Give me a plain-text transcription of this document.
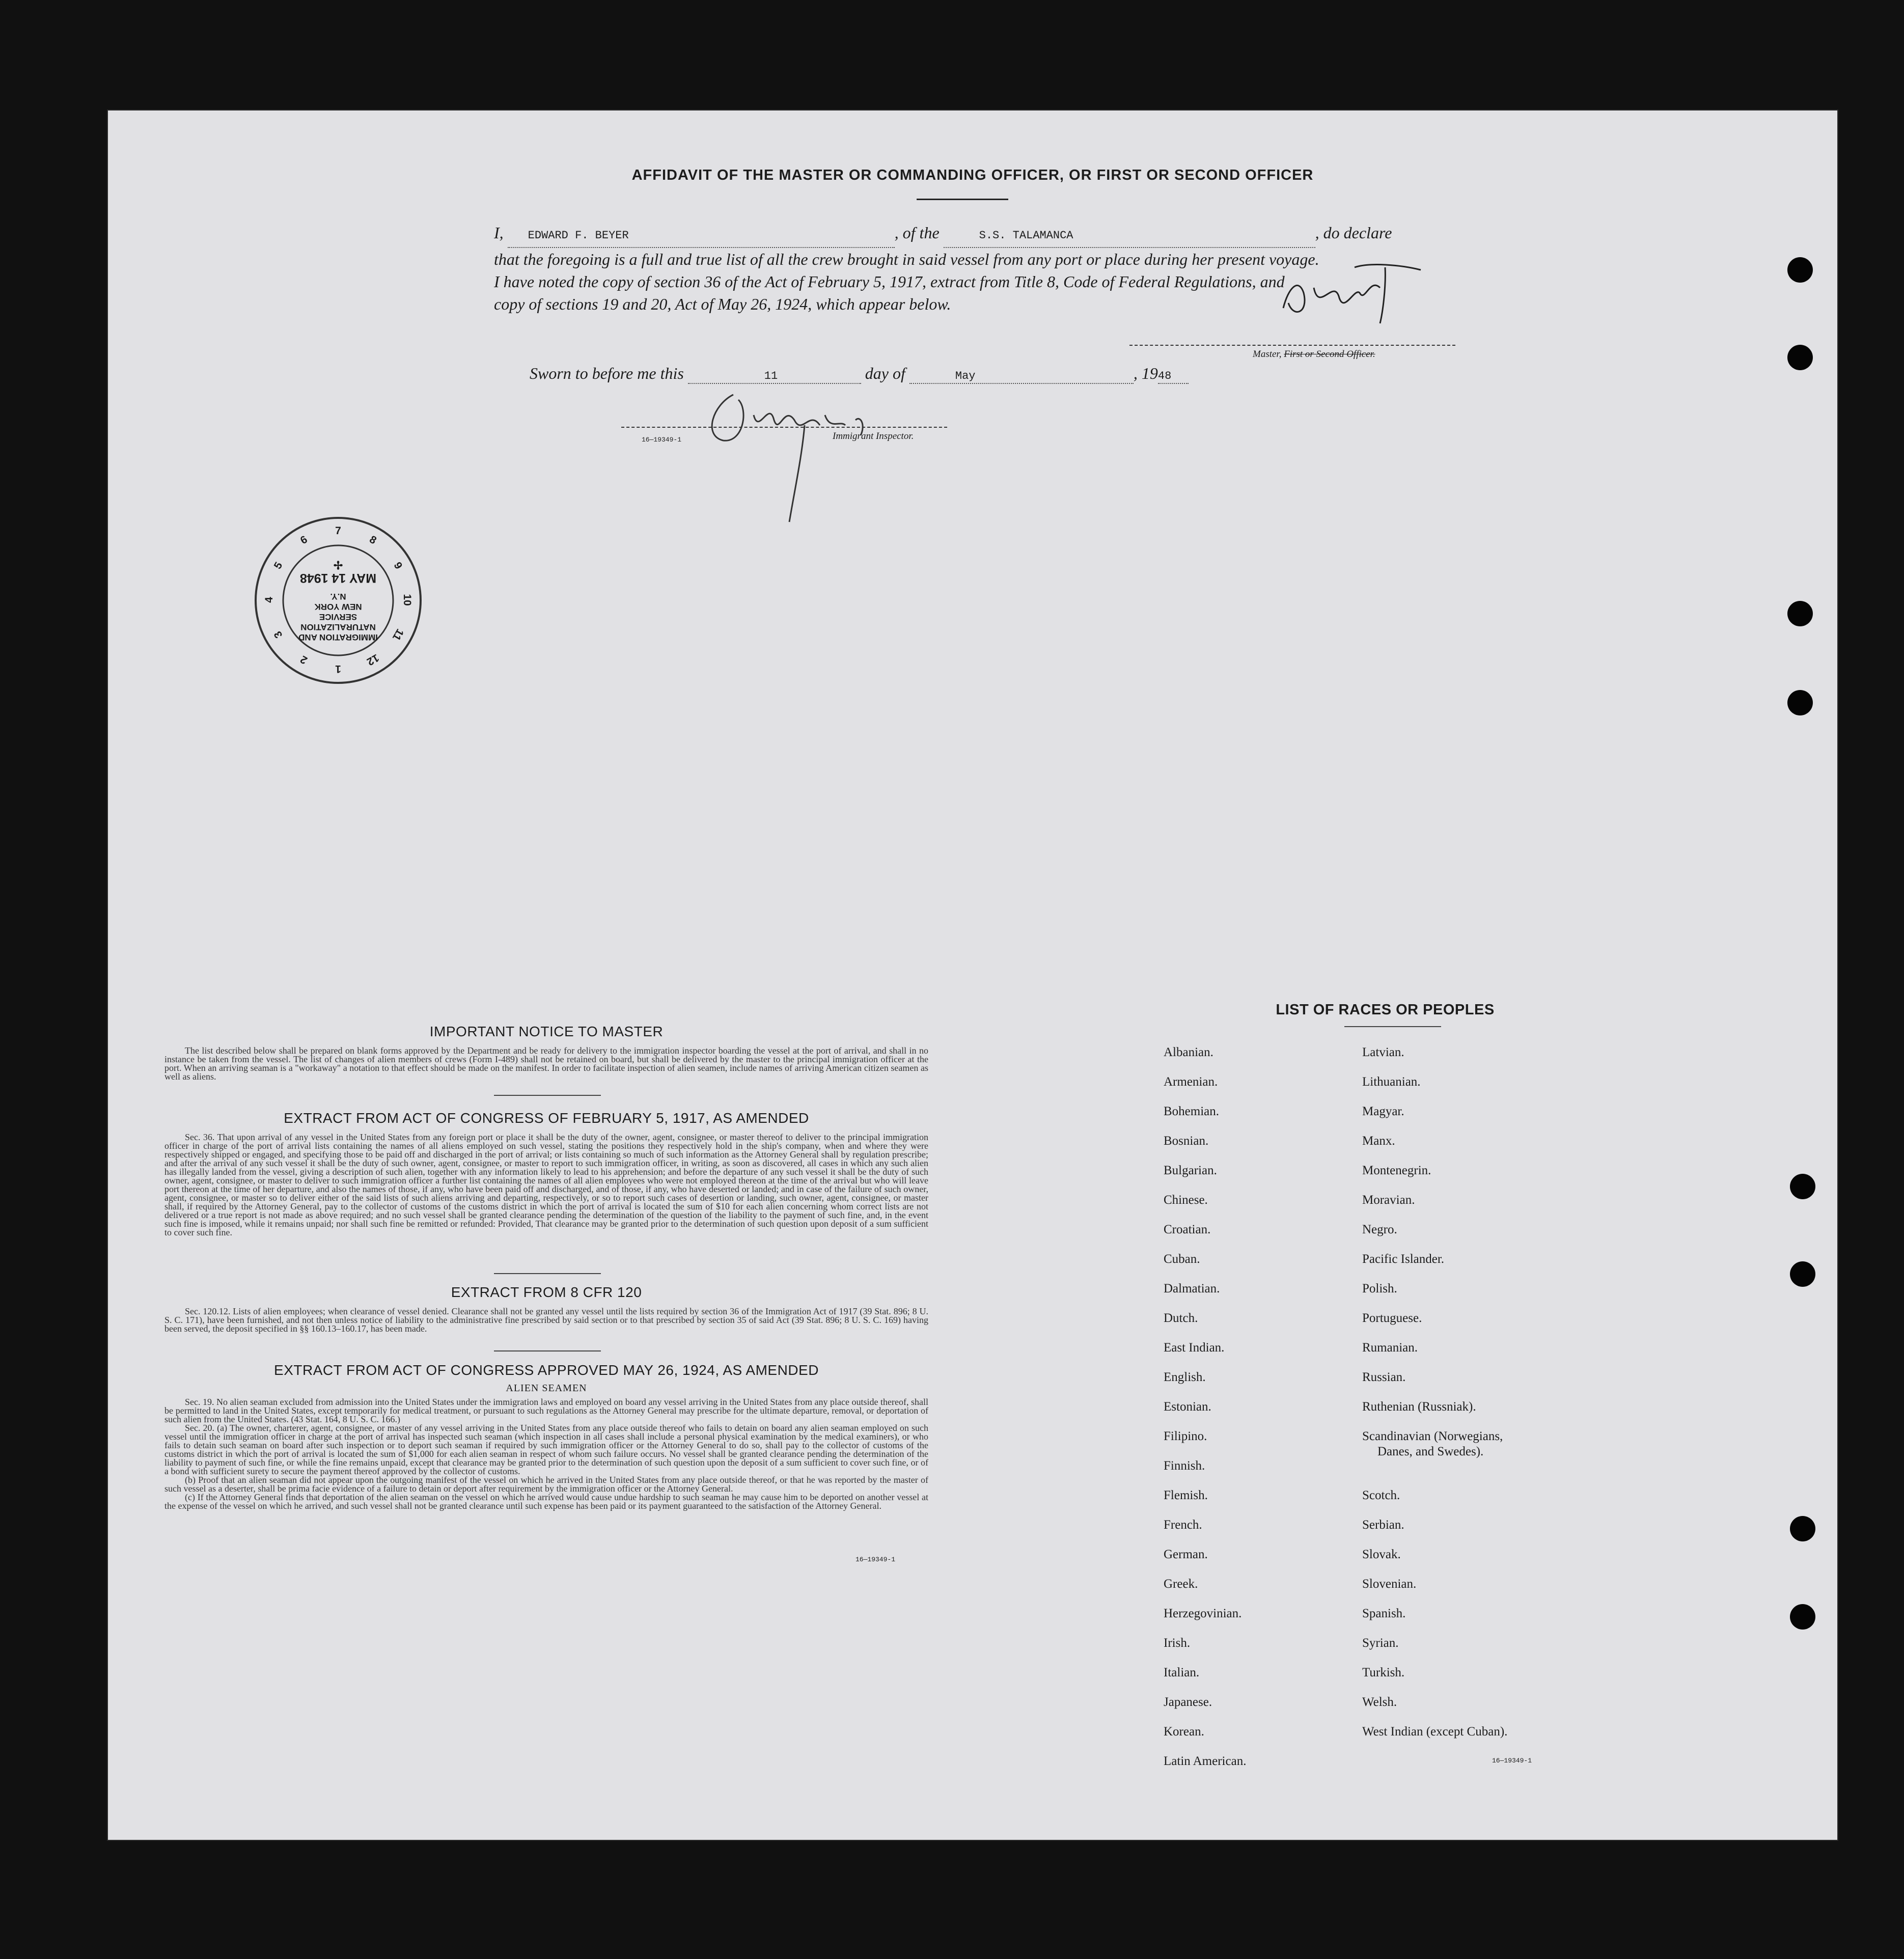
AFFIDAVIT OF THE MASTER OR COMMANDING OFFICER, OR FIRST OR SECOND OFFICER
I, EDWARD F. BEYER	, of the	S.S. TALAMANCA	, do declare
that the foregoing is a full and true list of all the crew brought in said vessel from any port or place during her present voyage.
I have noted the copy of section 36 of the Act of February 5, 1917, extract from Title 8, Code of Federal Regulations, and
copy of sections 19 and 20, Act of May 26, 1924, which appear below.
Master, First or Second Officer.
Sworn to before me this	11	day of	May	, 1948
16—19349-1	Immigrant Inspector.
1
2
3
4
5
6
7
8
9
10
11
12
IMMIGRATION AND
NATURALIZATION
SERVICE
NEW YORK
N.Y.
MAY 14 1948
✢
IMPORTANT NOTICE TO MASTER
The list described below shall be prepared on blank forms approved by the Department and be ready for delivery to the immigration inspector boarding the vessel at the port of arrival, and shall in no instance be taken from the vessel. The list of changes of alien members of crews (Form I-489) shall not be retained on board, but shall be delivered by the master to the principal immigration officer at the port. When an arriving seaman is a "workaway" a notation to that effect should be made on the manifest. In order to facilitate inspection of alien seamen, include names of arriving American citizen seamen as well as aliens.
EXTRACT FROM ACT OF CONGRESS OF FEBRUARY 5, 1917, AS AMENDED
Sec. 36. That upon arrival of any vessel in the United States from any foreign port or place it shall be the duty of the owner, agent, consignee, or master thereof to deliver to the principal immigration officer in charge of the port of arrival lists containing the names of all aliens employed on such vessel, stating the positions they respectively hold in the ship's company, when and where they were respectively shipped or engaged, and specifying those to be paid off and discharged in the port of arrival; or lists containing so much of such information as the Attorney General shall by regulation prescribe; and after the arrival of any such vessel it shall be the duty of such owner, agent, consignee, or master to report to such immigration officer, in writing, as soon as discovered, all cases in which any such alien has illegally landed from the vessel, giving a description of such alien, together with any information likely to lead to his apprehension; and before the departure of any such vessel it shall be the duty of such owner, agent, consignee, or master to deliver to such immigration officer a further list containing the names of all alien employees who were not employed thereon at the time of the arrival but who will leave port thereon at the time of her departure, and also the names of those, if any, who have been paid off and discharged, and of those, if any, who have deserted or landed; and in case of the failure of such owner, agent, consignee, or master so to deliver either of the said lists of such aliens arriving and departing, respectively, or so to report such cases of desertion or landing, such owner, agent, consignee, or master shall, if required by the Attorney General, pay to the collector of customs of the customs district in which the port of arrival is located the sum of $10 for each alien concerning whom correct lists are not delivered or a true report is not made as above required; and no such vessel shall be granted clearance pending the determination of the question of the liability to the payment of such fine, and, in the event such fine is imposed, while it remains unpaid; nor shall such fine be remitted or refunded: Provided, That clearance may be granted prior to the determination of such question upon deposit of a sum sufficient to cover such fine.
EXTRACT FROM 8 CFR 120
Sec. 120.12. Lists of alien employees; when clearance of vessel denied. Clearance shall not be granted any vessel until the lists required by section 36 of the Immigration Act of 1917 (39 Stat. 896; 8 U. S. C. 171), have been furnished, and not then unless notice of liability to the administrative fine prescribed by said section or to that prescribed by section 35 of said Act (39 Stat. 896; 8 U. S. C. 169) having been served, the deposit specified in §§ 160.13–160.17, has been made.
EXTRACT FROM ACT OF CONGRESS APPROVED MAY 26, 1924, AS AMENDED
ALIEN SEAMEN
Sec. 19. No alien seaman excluded from admission into the United States under the immigration laws and employed on board any vessel arriving in the United States from any place outside thereof, shall be permitted to land in the United States, except temporarily for medical treatment, or pursuant to such regulations as the Attorney General may prescribe for the ultimate departure, removal, or deportation of such alien from the United States. (43 Stat. 164, 8 U. S. C. 166.)
Sec. 20. (a) The owner, charterer, agent, consignee, or master of any vessel arriving in the United States from any place outside thereof who fails to detain on board any alien seaman employed on such vessel until the immigration officer in charge at the port of arrival has inspected such seaman (which inspection in all cases shall include a personal physical examination by the medical examiners), or who fails to detain such seaman on board after such inspection or to deport such seaman if required by such immigration officer or the Attorney General to do so, shall pay to the collector of customs of the customs district in which the port of arrival is located the sum of $1,000 for each alien seaman in respect of whom such failure occurs. No vessel shall be granted clearance pending the determination of the liability to payment of such fine, or while the fine remains unpaid, except that clearance may be granted prior to the determination of such question upon the deposit of a sum sufficient to cover such fine, or of a bond with sufficient surety to secure the payment thereof approved by the collector of customs.
(b) Proof that an alien seaman did not appear upon the outgoing manifest of the vessel on which he arrived in the United States from any place outside thereof, or that he was reported by the master of such vessel as a deserter, shall be prima facie evidence of a failure to detain or deport after requirement by the immigration officer or the Attorney General.
(c) If the Attorney General finds that deportation of the alien seaman on the vessel on which he arrived would cause undue hardship to such seaman he may cause him to be deported on another vessel at the expense of the vessel on which he arrived, and such vessel shall not be granted clearance until such expense has been paid or its payment guaranteed to the satisfaction of the Attorney General.
16—19349-1
LIST OF RACES OR PEOPLES
Albanian.
Armenian.
Bohemian.
Bosnian.
Bulgarian.
Chinese.
Croatian.
Cuban.
Dalmatian.
Dutch.
East Indian.
English.
Estonian.
Filipino.
Finnish.
Flemish.
French.
German.
Greek.
Herzegovinian.
Irish.
Italian.
Japanese.
Korean.
Latin American.
Latvian.
Lithuanian.
Magyar.
Manx.
Montenegrin.
Moravian.
Negro.
Pacific Islander.
Polish.
Portuguese.
Rumanian.
Russian.
Ruthenian (Russniak).
Scandinavian (Norwegians,
Danes, and Swedes).
Scotch.
Serbian.
Slovak.
Slovenian.
Spanish.
Syrian.
Turkish.
Welsh.
West Indian (except Cuban).
16—19349-1
